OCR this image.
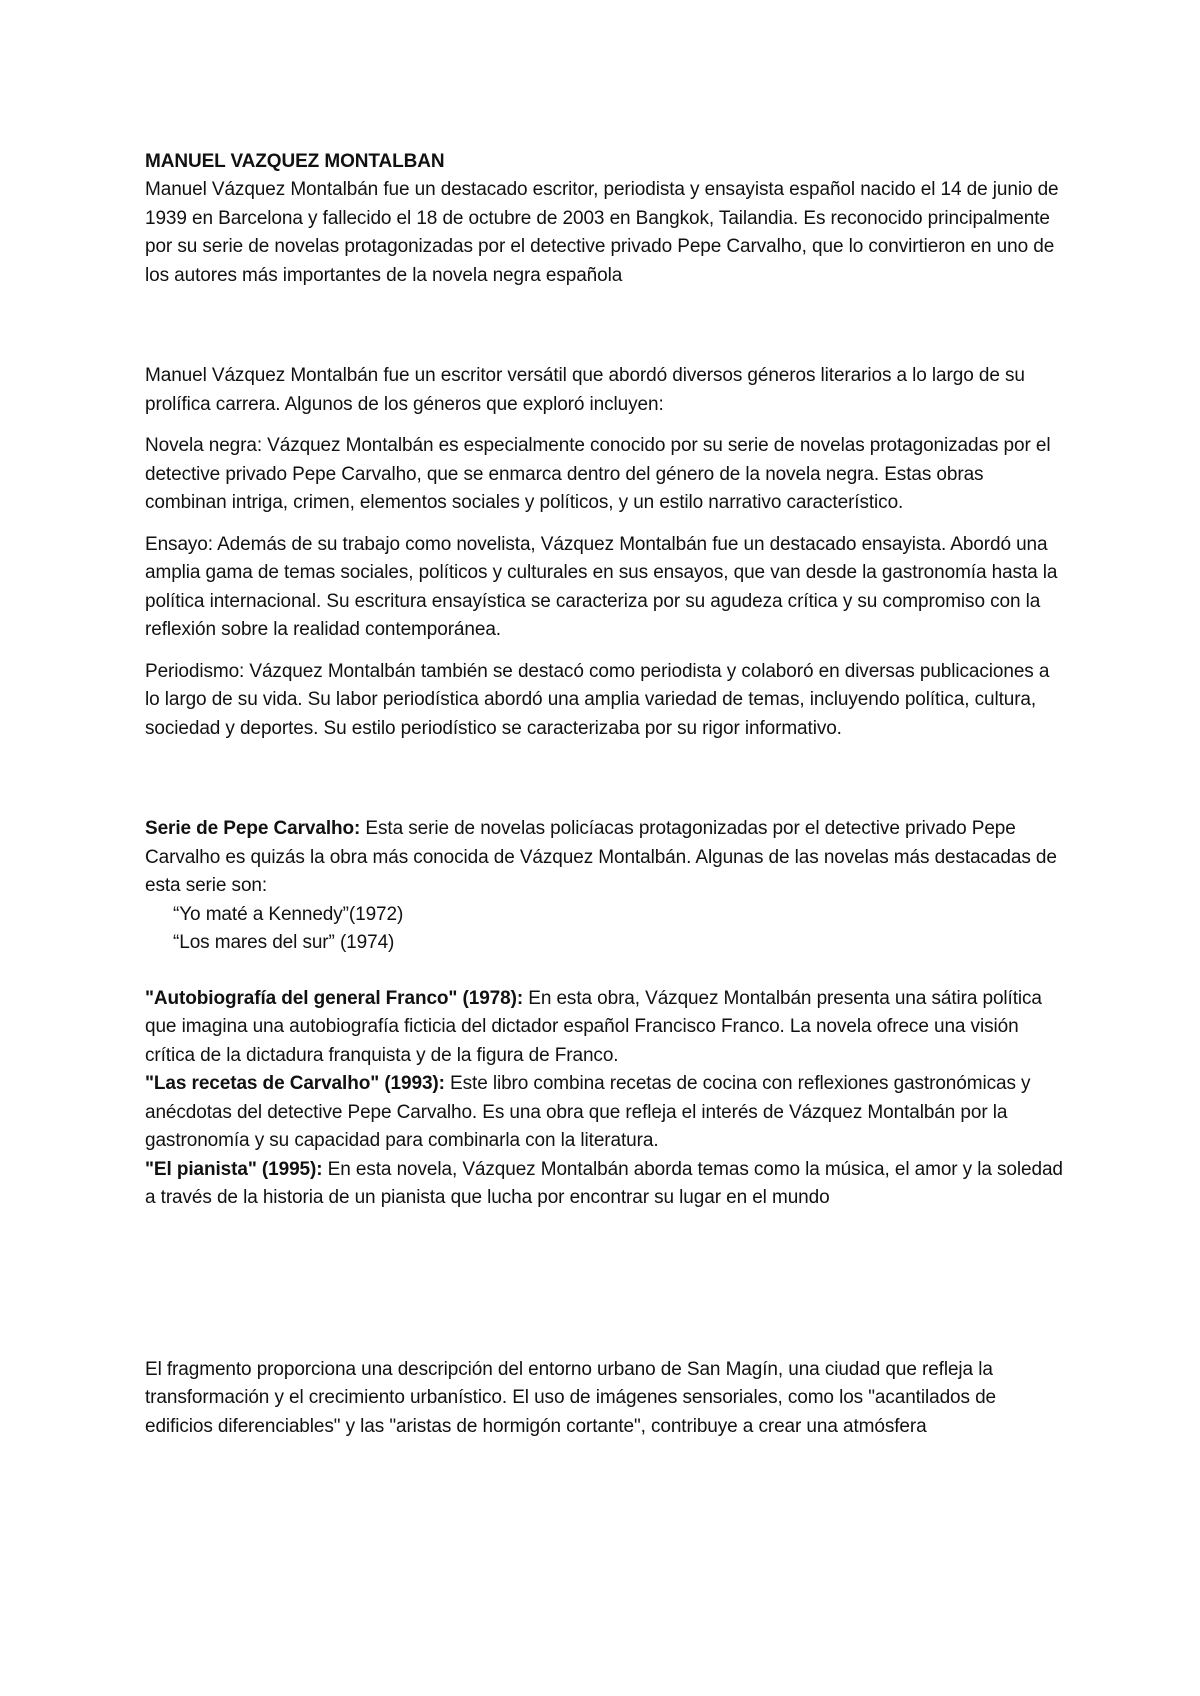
MANUEL VAZQUEZ MONTALBAN

Manuel Vázquez Montalbán fue un destacado escritor, periodista y ensayista español nacido el 14 de junio de 1939 en Barcelona y fallecido el 18 de octubre de 2003 en Bangkok, Tailandia. Es reconocido principalmente por su serie de novelas protagonizadas por el detective privado Pepe Carvalho, que lo convirtieron en uno de los autores más importantes de la novela negra española

Manuel Vázquez Montalbán fue un escritor versátil que abordó diversos géneros literarios a lo largo de su prolífica carrera. Algunos de los géneros que exploró incluyen:

Novela negra: Vázquez Montalbán es especialmente conocido por su serie de novelas protagonizadas por el detective privado Pepe Carvalho, que se enmarca dentro del género de la novela negra. Estas obras combinan intriga, crimen, elementos sociales y políticos, y un estilo narrativo característico.

Ensayo: Además de su trabajo como novelista, Vázquez Montalbán fue un destacado ensayista. Abordó una amplia gama de temas sociales, políticos y culturales en sus ensayos, que van desde la gastronomía hasta la política internacional. Su escritura ensayística se caracteriza por su agudeza crítica y su compromiso con la reflexión sobre la realidad contemporánea.

Periodismo: Vázquez Montalbán también se destacó como periodista y colaboró en diversas publicaciones a lo largo de su vida. Su labor periodística abordó una amplia variedad de temas, incluyendo política, cultura, sociedad y deportes. Su estilo periodístico se caracterizaba por su rigor informativo.

Serie de Pepe Carvalho: Esta serie de novelas policíacas protagonizadas por el detective privado Pepe Carvalho es quizás la obra más conocida de Vázquez Montalbán. Algunas de las novelas más destacadas de esta serie son:

“Yo maté a Kennedy”(1972)

“Los mares del sur” (1974)

"Autobiografía del general Franco" (1978): En esta obra, Vázquez Montalbán presenta una sátira política que imagina una autobiografía ficticia del dictador español Francisco Franco. La novela ofrece una visión crítica de la dictadura franquista y de la figura de Franco.

"Las recetas de Carvalho" (1993): Este libro combina recetas de cocina con reflexiones gastronómicas y anécdotas del detective Pepe Carvalho. Es una obra que refleja el interés de Vázquez Montalbán por la gastronomía y su capacidad para combinarla con la literatura.

"El pianista" (1995): En esta novela, Vázquez Montalbán aborda temas como la música, el amor y la soledad a través de la historia de un pianista que lucha por encontrar su lugar en el mundo

El fragmento proporciona una descripción del entorno urbano de San Magín, una ciudad que refleja la transformación y el crecimiento urbanístico. El uso de imágenes sensoriales, como los "acantilados de edificios diferenciables" y las "aristas de hormigón cortante", contribuye a crear una atmósfera
